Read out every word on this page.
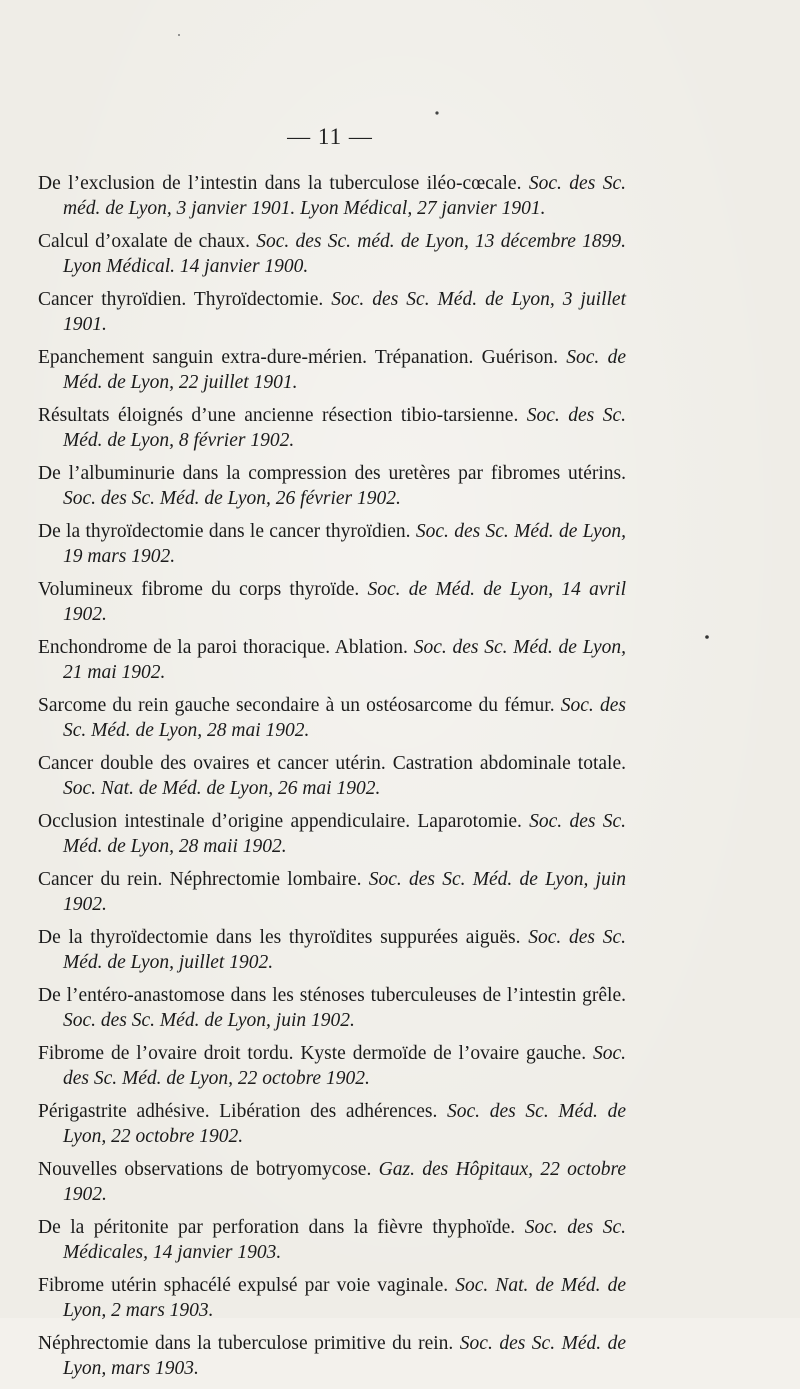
— 11 —
De l’exclusion de l’intestin dans la tuberculose iléo-cœcale. Soc. des Sc. méd. de Lyon, 3 janvier 1901. Lyon Médical, 27 janvier 1901.
Calcul d’oxalate de chaux. Soc. des Sc. méd. de Lyon, 13 décembre 1899. Lyon Médical. 14 janvier 1900.
Cancer thyroïdien. Thyroïdectomie. Soc. des Sc. Méd. de Lyon, 3 juillet 1901.
Epanchement sanguin extra-dure-mérien. Trépanation. Guérison. Soc. de Méd. de Lyon, 22 juillet 1901.
Résultats éloignés d’une ancienne résection tibio-tarsienne. Soc. des Sc. Méd. de Lyon, 8 février 1902.
De l’albuminurie dans la compression des uretères par fibromes utérins. Soc. des Sc. Méd. de Lyon, 26 février 1902.
De la thyroïdectomie dans le cancer thyroïdien. Soc. des Sc. Méd. de Lyon, 19 mars 1902.
Volumineux fibrome du corps thyroïde. Soc. de Méd. de Lyon, 14 avril 1902.
Enchondrome de la paroi thoracique. Ablation. Soc. des Sc. Méd. de Lyon, 21 mai 1902.
Sarcome du rein gauche secondaire à un ostéosarcome du fémur. Soc. des Sc. Méd. de Lyon, 28 mai 1902.
Cancer double des ovaires et cancer utérin. Castration abdominale totale. Soc. Nat. de Méd. de Lyon, 26 mai 1902.
Occlusion intestinale d’origine appendiculaire. Laparotomie. Soc. des Sc. Méd. de Lyon, 28 maii 1902.
Cancer du rein. Néphrectomie lombaire. Soc. des Sc. Méd. de Lyon, juin 1902.
De la thyroïdectomie dans les thyroïdites suppurées aiguës. Soc. des Sc. Méd. de Lyon, juillet 1902.
De l’entéro-anastomose dans les sténoses tuberculeuses de l’intestin grêle. Soc. des Sc. Méd. de Lyon, juin 1902.
Fibrome de l’ovaire droit tordu. Kyste dermoïde de l’ovaire gauche. Soc. des Sc. Méd. de Lyon, 22 octobre 1902.
Périgastrite adhésive. Libération des adhérences. Soc. des Sc. Méd. de Lyon, 22 octobre 1902.
Nouvelles observations de botryomycose. Gaz. des Hôpitaux, 22 octobre 1902.
De la péritonite par perforation dans la fièvre thyphoïde. Soc. des Sc. Médicales, 14 janvier 1903.
Fibrome utérin sphacélé expulsé par voie vaginale. Soc. Nat. de Méd. de Lyon, 2 mars 1903.
Néphrectomie dans la tuberculose primitive du rein. Soc. des Sc. Méd. de Lyon, mars 1903.
